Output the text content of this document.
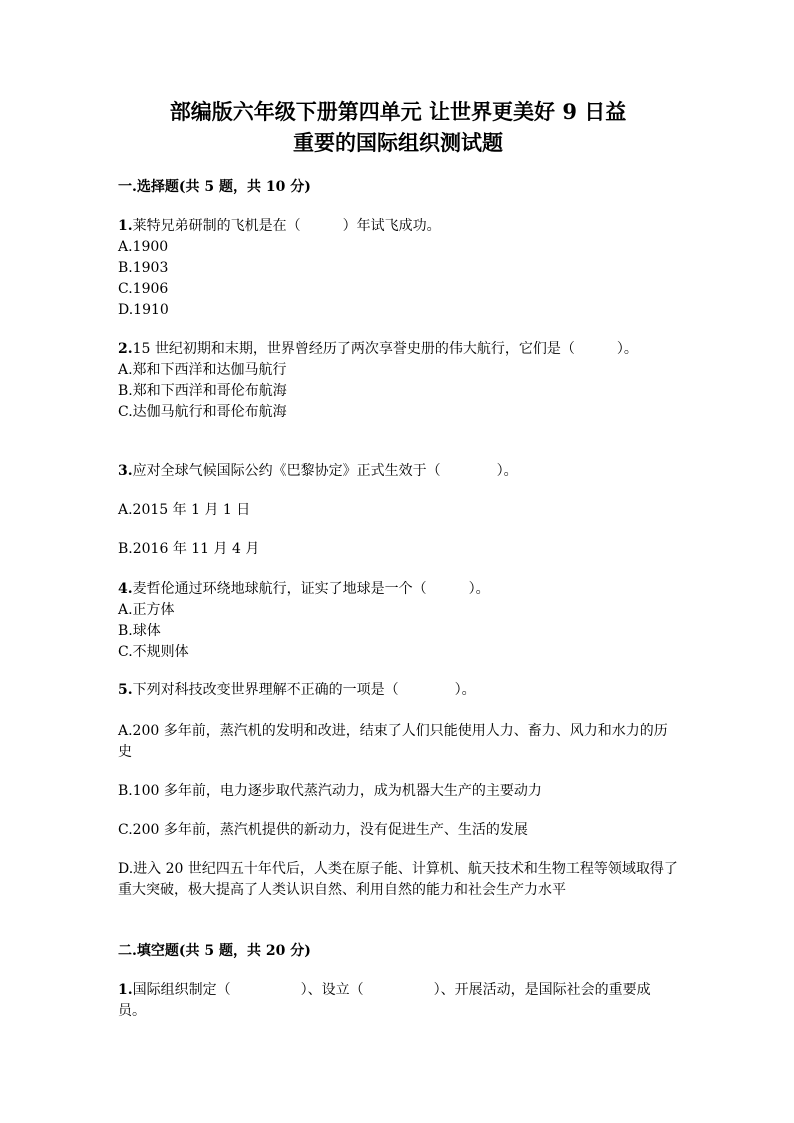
部编版六年级下册第四单元 让世界更美好 9 日益

重要的国际组织测试题

一.选择题(共 5 题，共 10 分)

1.莱特兄弟研制的飞机是在（　　　）年试飞成功。
A.1900
B.1903
C.1906
D.1910
2.15 世纪初期和末期，世界曾经历了两次享誉史册的伟大航行，它们是（　　　）。
A.郑和下西洋和达伽马航行
B.郑和下西洋和哥伦布航海
C.达伽马航行和哥伦布航海
3.应对全球气候国际公约《巴黎协定》正式生效于（　　　　）。
A.2015 年 1 月 1 日
B.2016 年 11 月 4 月
4.麦哲伦通过环绕地球航行，证实了地球是一个（　　　）。
A.正方体
B.球体
C.不规则体
5.下列对科技改变世界理解不正确的一项是（　　　　）。
A.200 多年前，蒸汽机的发明和改进，结束了人们只能使用人力、畜力、风力和水力的历史
B.100 多年前，电力逐步取代蒸汽动力，成为机器大生产的主要动力
C.200 多年前，蒸汽机提供的新动力，没有促进生产、生活的发展
D.进入 20 世纪四五十年代后，人类在原子能、计算机、航天技术和生物工程等领域取得了重大突破，极大提高了人类认识自然、利用自然的能力和社会生产力水平

二.填空题(共 5 题，共 20 分)

1.国际组织制定（　　　　　）、设立（　　　　　）、开展活动，是国际社会的重要成员。
